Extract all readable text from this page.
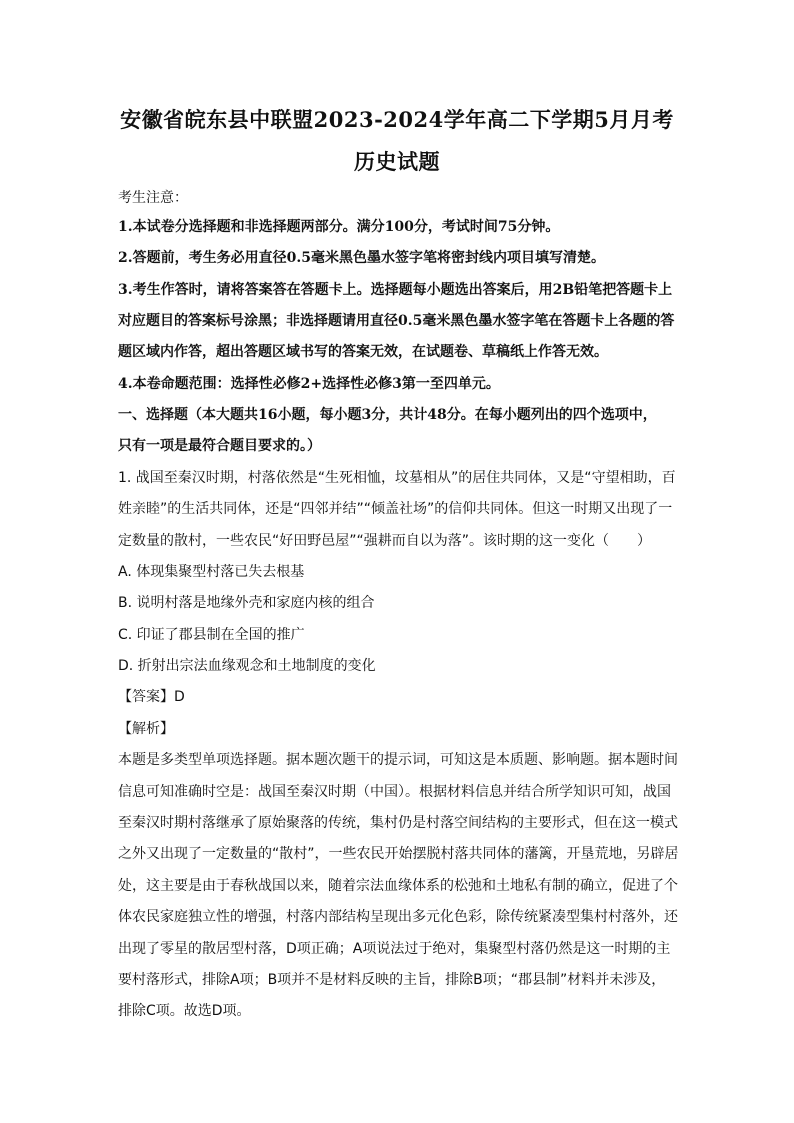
安徽省皖东县中联盟2023-2024学年高二下学期5月月考
历史试题
考生注意：
1.本试卷分选择题和非选择题两部分。满分100分，考试时间75分钟。
2.答题前，考生务必用直径0.5毫米黑色墨水签字笔将密封线内项目填写清楚。
3.考生作答时，请将答案答在答题卡上。选择题每小题选出答案后，用2B铅笔把答题卡上
对应题目的答案标号涂黑；非选择题请用直径0.5毫米黑色墨水签字笔在答题卡上各题的答
题区域内作答，超出答题区域书写的答案无效，在试题卷、草稿纸上作答无效。
4.本卷命题范围：选择性必修2+选择性必修3第一至四单元。
一、选择题（本大题共16小题，每小题3分，共计48分。在每小题列出的四个选项中，
只有一项是最符合题目要求的。）
1. 战国至秦汉时期，村落依然是“生死相恤，坟墓相从”的居住共同体，又是“守望相助，百
姓亲睦”的生活共同体，还是“四邻并结”“倾盖社场”的信仰共同体。但这一时期又出现了一
定数量的散村，一些农民“好田野邑屋”“强耕而自以为落”。该时期的这一变化（　　）
A. 体现集聚型村落已失去根基
B. 说明村落是地缘外壳和家庭内核的组合
C. 印证了郡县制在全国的推广
D. 折射出宗法血缘观念和土地制度的变化
【答案】D
【解析】
本题是多类型单项选择题。据本题次题干的提示词，可知这是本质题、影响题。据本题时间
信息可知准确时空是：战国至秦汉时期（中国）。根据材料信息并结合所学知识可知，战国
至秦汉时期村落继承了原始聚落的传统，集村仍是村落空间结构的主要形式，但在这一模式
之外又出现了一定数量的“散村”，一些农民开始摆脱村落共同体的藩篱，开垦荒地，另辟居
处，这主要是由于春秋战国以来，随着宗法血缘体系的松弛和土地私有制的确立，促进了个
体农民家庭独立性的增强，村落内部结构呈现出多元化色彩，除传统紧凑型集村村落外，还
出现了零星的散居型村落，D项正确；A项说法过于绝对，集聚型村落仍然是这一时期的主
要村落形式，排除A项；B项并不是材料反映的主旨，排除B项；“郡县制”材料并未涉及，
排除C项。故选D项。
